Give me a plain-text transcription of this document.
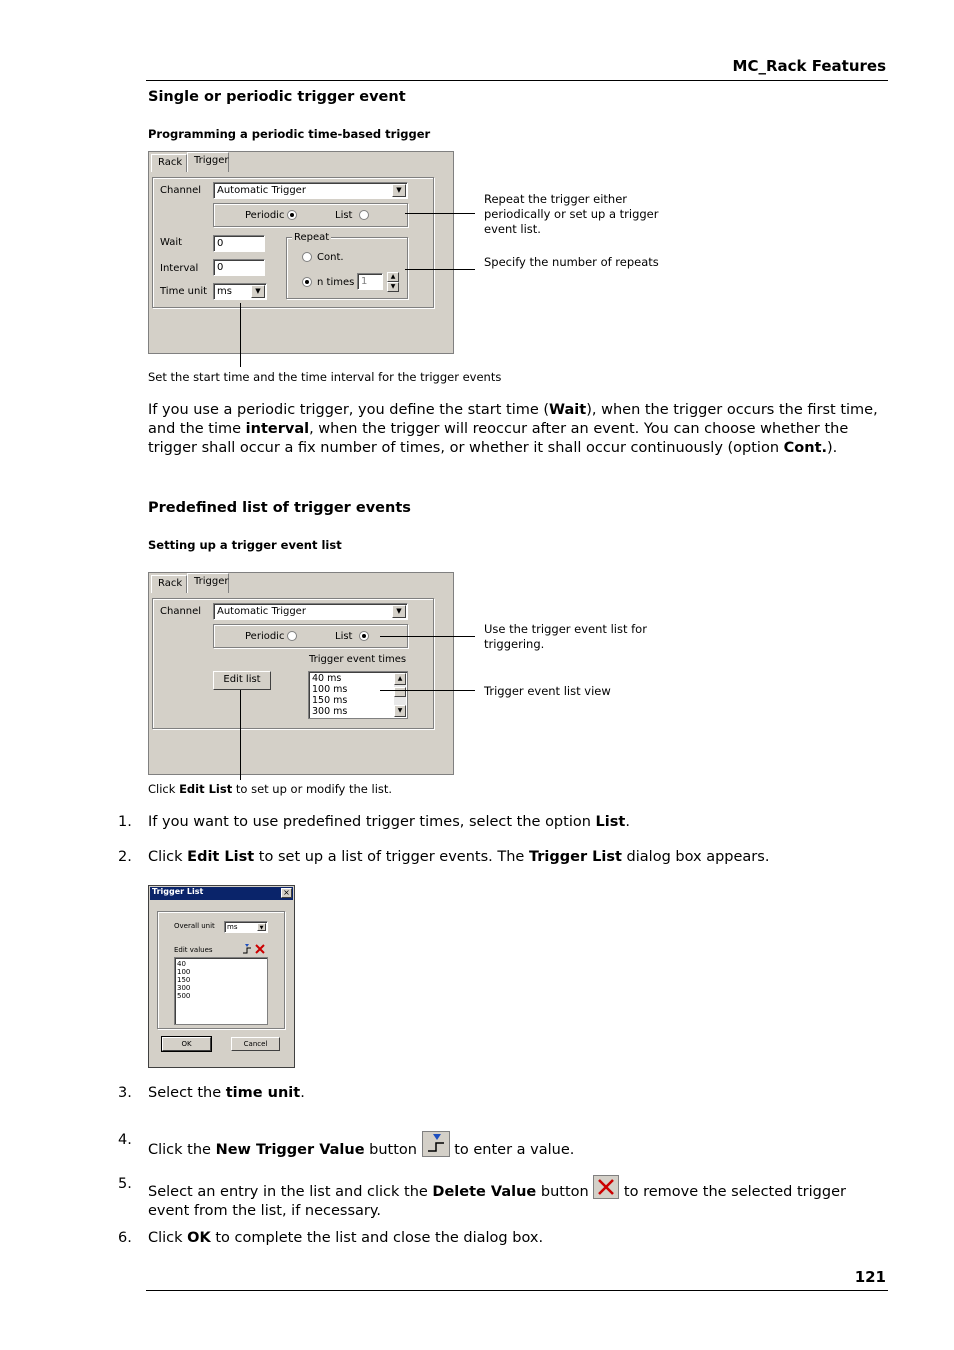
MC_Rack Features
Single or periodic trigger event
Programming a periodic time-based trigger
Rack	Trigger
Channel	Automatic Trigger	▼
Periodic	List
Wait	0
Interval	0
Time unit ms	▼
Repeat
Cont.
n times 1	▲
▼
Repeat the trigger either periodically or set up a trigger event list.
Specify the number of repeats
Set the start time and the time interval for the trigger events
If you use a periodic trigger, you define the start time (Wait), when the trigger occurs the first time, and the time interval, when the trigger will reoccur after an event. You can choose whether the trigger shall occur a fix number of times, or whether it shall occur continuously (option Cont.).
Predefined list of trigger events
Setting up a trigger event list
Rack	Trigger
Channel	Automatic Trigger	▼
Periodic	List
Trigger event times
Edit list	40 ms
100 ms
150 ms
300 ms
▲
▼
Use the trigger event list for triggering.
Trigger event list view
Click Edit List to set up or modify the list.
1. If you want to use predefined trigger times, select the option List.
2. Click Edit List to set up a list of trigger events. The Trigger List dialog box appears.
Trigger List	×
Overall unit	ms	▼
Edit values
40
100
150
300
500
OK	Cancel
3. Select the time unit.
4.
Click the New Trigger Value button
to enter a value.
5. Select an entry in the list and click the Delete Value button
to remove the selected trigger event from the list, if necessary.
6. Click OK to complete the list and close the dialog box.
121
